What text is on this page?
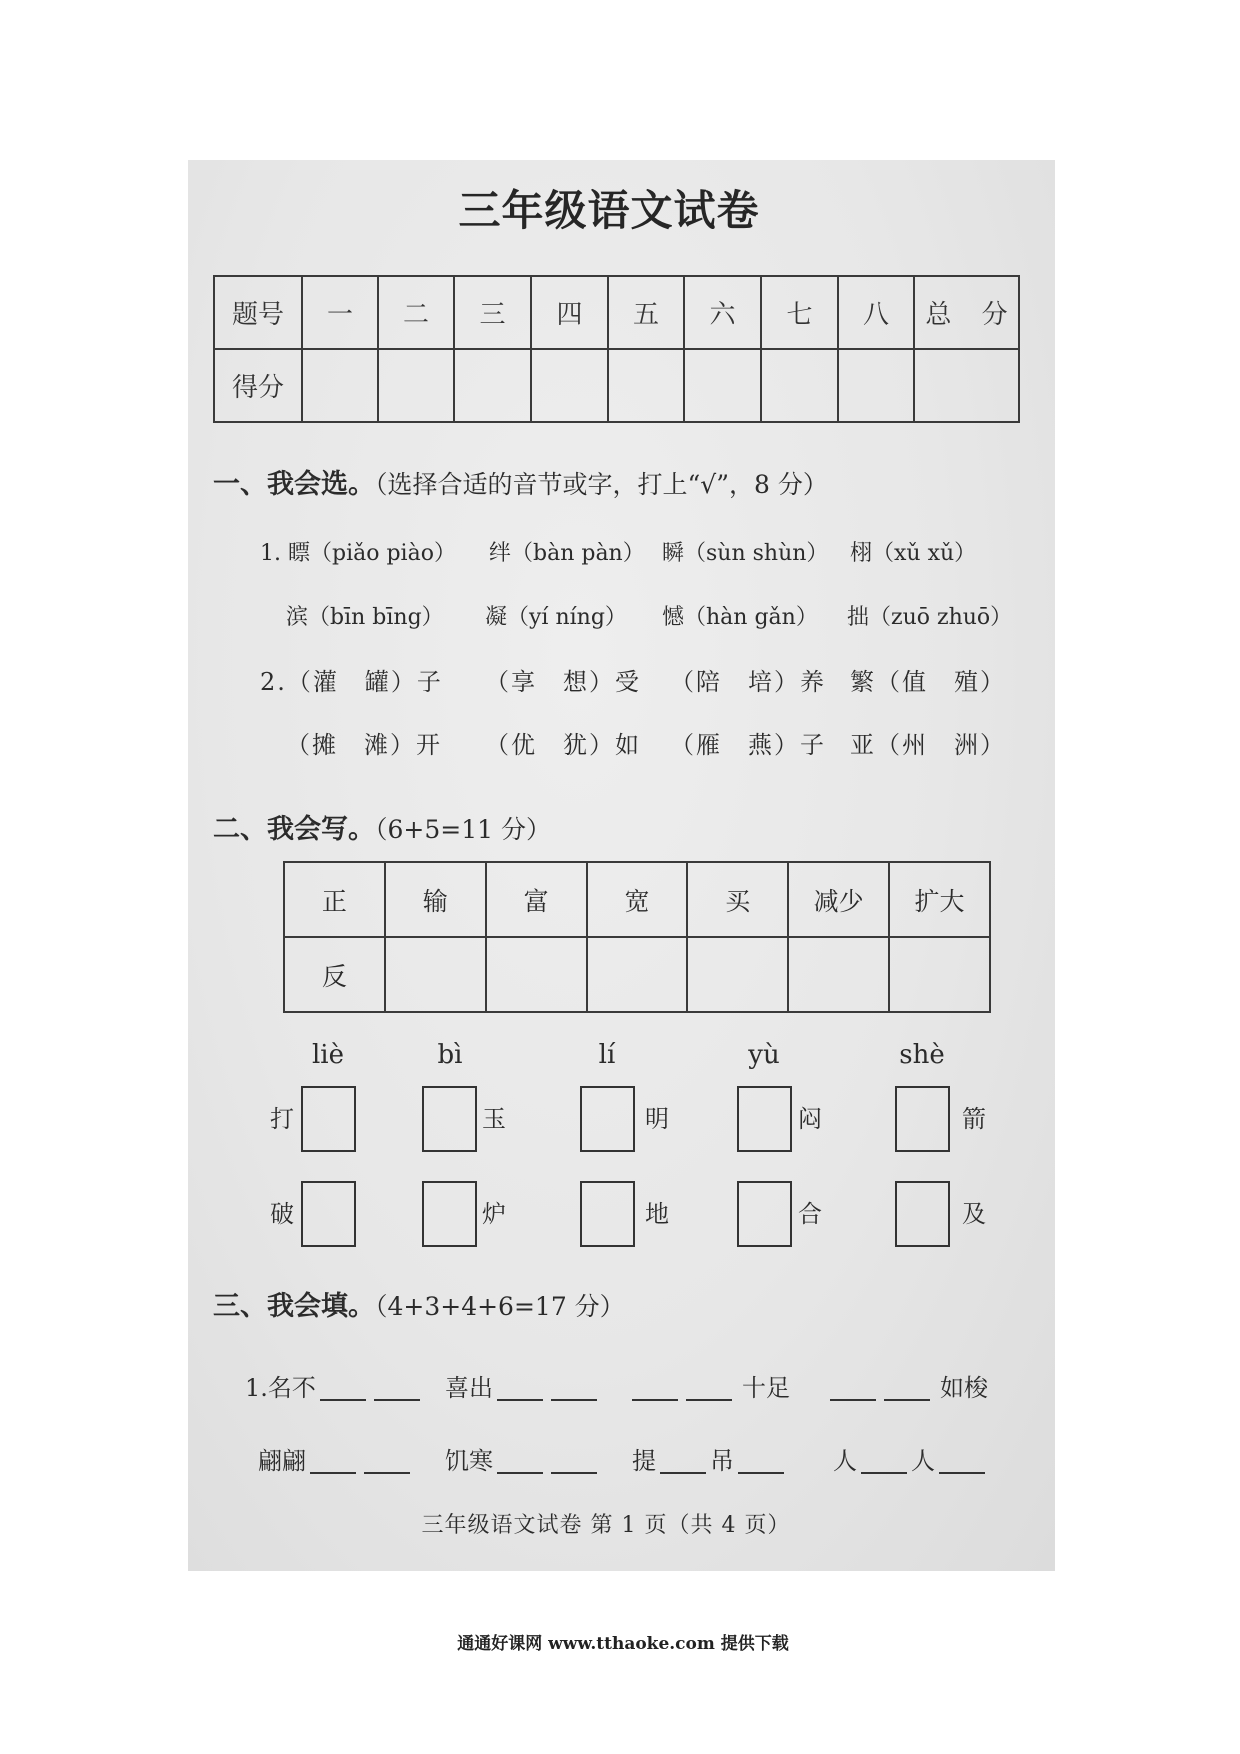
三年级语文试卷
题号	一	二	三	四	五	六	七	八	总 分
得分									
一、我会选。（选择合适的音节或字，打上“√”，8 分）
1. 瞟（piǎo piào） 绊（bàn pàn） 瞬（sùn shùn） 栩（xǔ xǔ）
滨（bīn bīng） 凝（yí níng） 憾（hàn gǎn） 拙（zuō zhuō）
2.（灌　罐）子 （享　想）受 （陪　培）养 繁（值　殖）
（摊　滩）开 （优　犹）如 （雁　燕）子 亚（州　洲）
二、我会写。（6+5=11 分）
正	输	富	宽	买	减少	扩大
反						
liè	bì	lí	yù	shè
打	玉	明	闷	箭
破	炉	地	合	及
三、我会填。（4+3+4+6=17 分）
1.名不	喜出	十足	如梭
翩翩	饥寒	提 吊	人 人
三年级语文试卷 第 1 页（共 4 页）
通通好课网 www.tthaoke.com 提供下载
